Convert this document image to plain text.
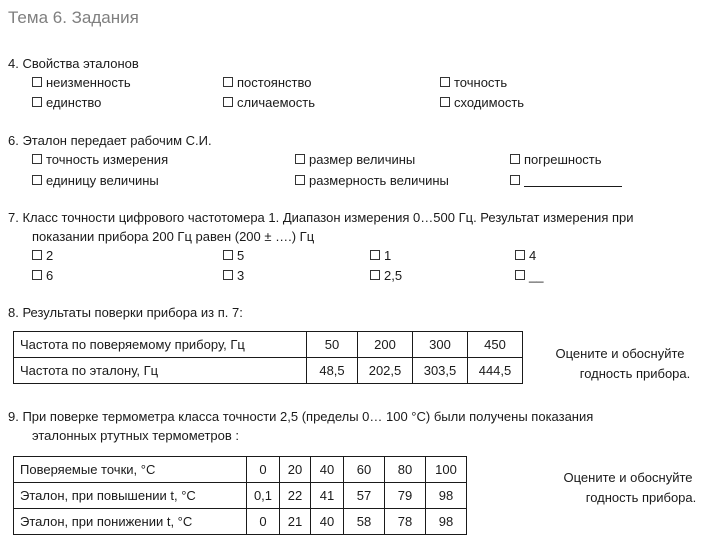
Тема 6. Задания
4. Свойства эталонов
неизменность	постоянство	точность
единство	сличаемость	сходимость
6. Эталон передает рабочим С.И.
точность измерения	размер величины	погрешность
единицу величины	размерность величины
7. Класс точности цифрового частотомера 1. Диапазон измерения 0…500 Гц. Результат измерения при
показании прибора 200 Гц равен (200 ± ….) Гц
2	5	1	4
6	3	2,5	__
8. Результаты поверки прибора из п. 7:
Частота по поверяемому прибору, Гц	50	200	300	450
Частота по эталону, Гц	48,5	202,5	303,5	444,5
Оцените и обоснуйте
годность прибора.
9. При поверке термометра класса точности 2,5 (пределы 0… 100 °С) были получены показания
эталонных ртутных термометров :
Поверяемые точки, °С	0	20	40	60	80	100
Эталон, при повышении t, °С	0,1	22	41	57	79	98
Эталон, при понижении t, °С	0	21	40	58	78	98
Оцените и обоснуйте
годность прибора.
